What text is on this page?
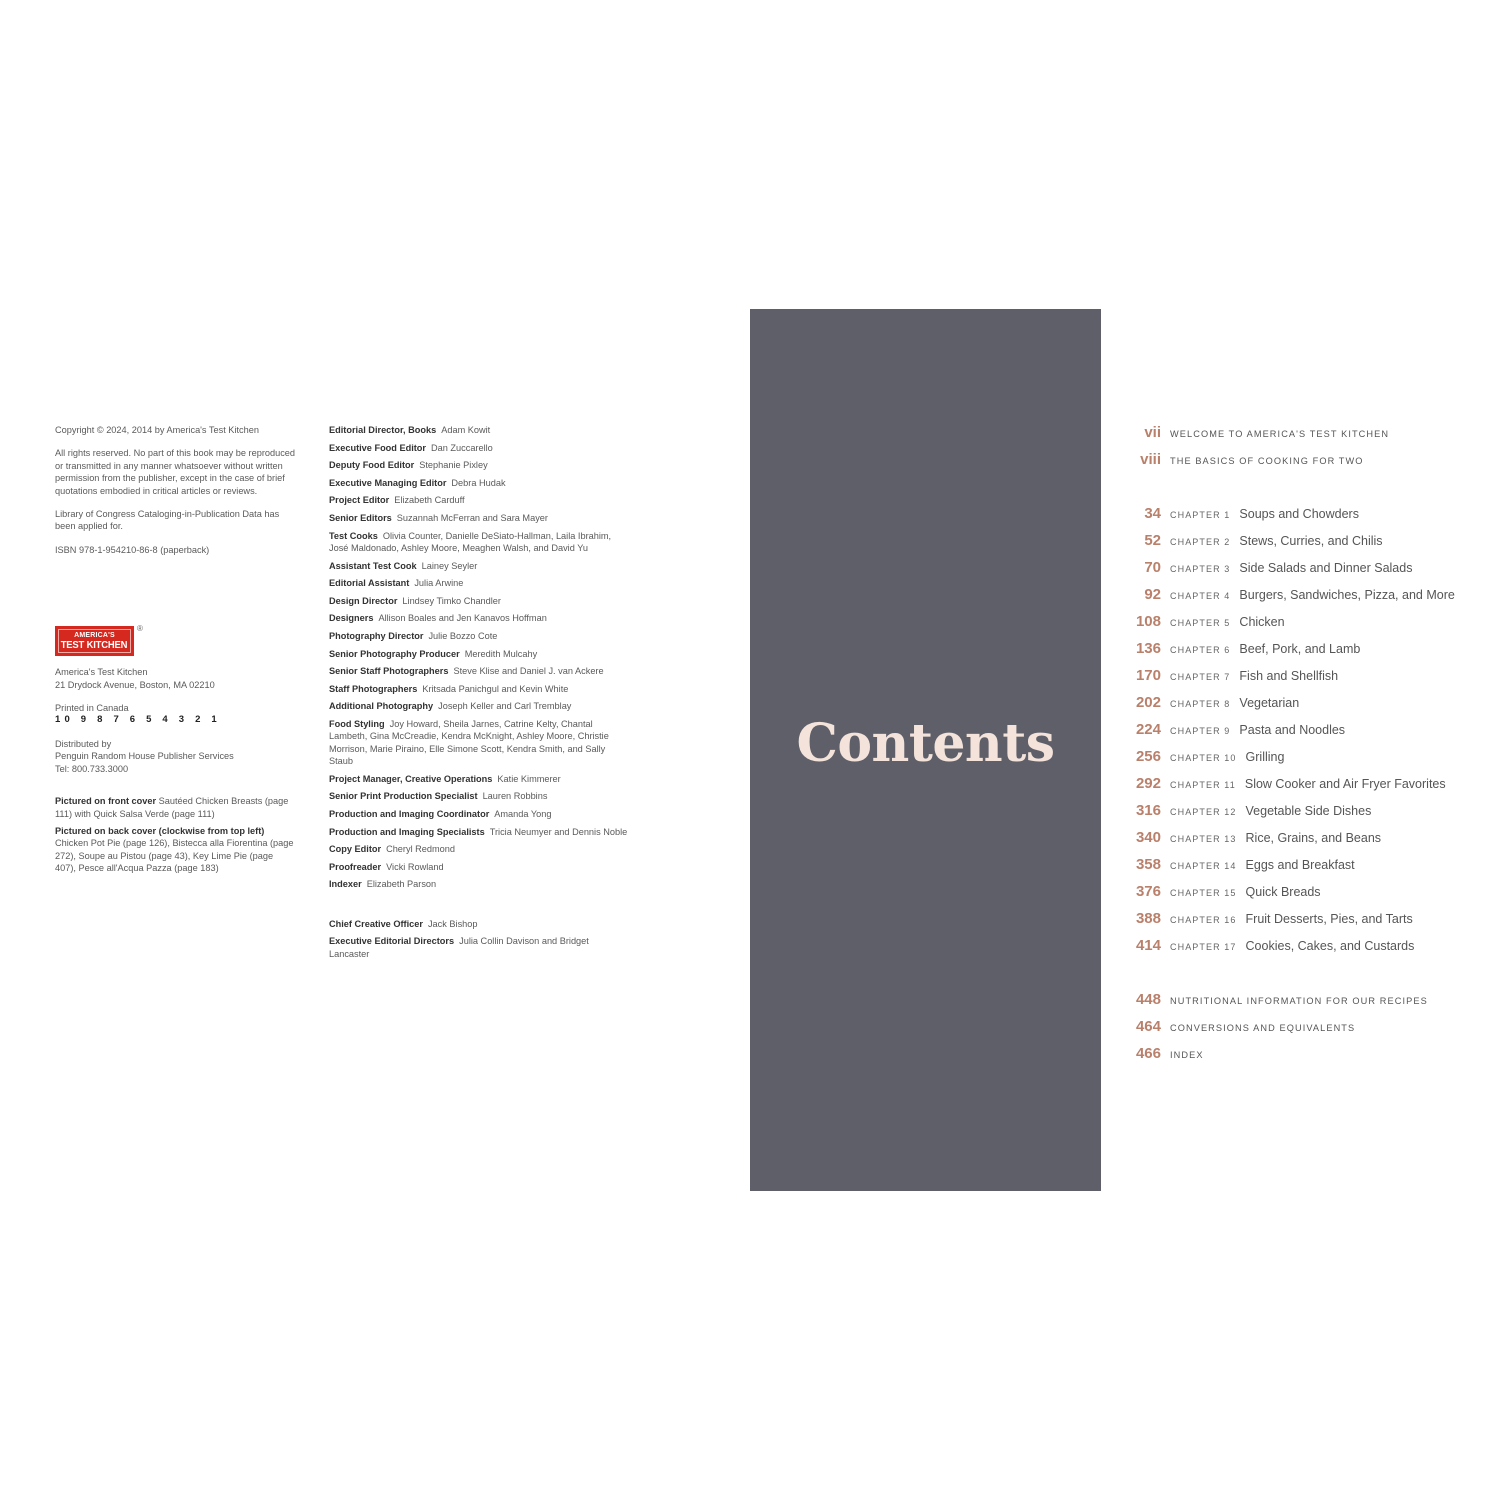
Copyright © 2024, 2014 by America's Test Kitchen

All rights reserved. No part of this book may be reproduced or transmitted in any manner whatsoever without written permission from the publisher, except in the case of brief quotations embodied in critical articles or reviews.

Library of Congress Cataloging-in-Publication Data has been applied for.

ISBN 978-1-954210-86-8 (paperback)

AMERICA'S
TEST KITCHEN
®

America's Test Kitchen

21 Drydock Avenue, Boston, MA 02210

Printed in Canada

10 9 8 7 6 5 4 3 2 1

Distributed by

Penguin Random House Publisher Services

Tel: 800.733.3000

Pictured on front cover Sautéed Chicken Breasts (page 111) with Quick Salsa Verde (page 111)

Pictured on back cover (clockwise from top left)
Chicken Pot Pie (page 126), Bistecca alla Fiorentina (page 272), Soupe au Pistou (page 43), Key Lime Pie (page 407), Pesce all'Acqua Pazza (page 183)

Editorial Director, Books Adam Kowit
Executive Food Editor Dan Zuccarello
Deputy Food Editor Stephanie Pixley
Executive Managing Editor Debra Hudak
Project Editor Elizabeth Carduff
Senior Editors Suzannah McFerran and Sara Mayer
Test Cooks Olivia Counter, Danielle DeSiato-Hallman, Laila Ibrahim, José Maldonado, Ashley Moore, Meaghen Walsh, and David Yu
Assistant Test Cook Lainey Seyler
Editorial Assistant Julia Arwine
Design Director Lindsey Timko Chandler
Designers Allison Boales and Jen Kanavos Hoffman
Photography Director Julie Bozzo Cote
Senior Photography Producer Meredith Mulcahy
Senior Staff Photographers Steve Klise and Daniel J. van Ackere
Staff Photographers Kritsada Panichgul and Kevin White
Additional Photography Joseph Keller and Carl Tremblay
Food Styling Joy Howard, Sheila Jarnes, Catrine Kelty, Chantal Lambeth, Gina McCreadie, Kendra McKnight, Ashley Moore, Christie Morrison, Marie Piraino, Elle Simone Scott, Kendra Smith, and Sally Staub
Project Manager, Creative Operations Katie Kimmerer
Senior Print Production Specialist Lauren Robbins
Production and Imaging Coordinator Amanda Yong
Production and Imaging Specialists Tricia Neumyer and Dennis Noble
Copy Editor Cheryl Redmond
Proofreader Vicki Rowland
Indexer Elizabeth Parson
Chief Creative Officer Jack Bishop
Executive Editorial Directors Julia Collin Davison and Bridget Lancaster
Contents
vii WELCOME TO AMERICA'S TEST KITCHEN
viii THE BASICS OF COOKING FOR TWO
34 CHAPTER 1 Soups and Chowders
52 CHAPTER 2 Stews, Curries, and Chilis
70 CHAPTER 3 Side Salads and Dinner Salads
92 CHAPTER 4 Burgers, Sandwiches, Pizza, and More
108 CHAPTER 5 Chicken
136 CHAPTER 6 Beef, Pork, and Lamb
170 CHAPTER 7 Fish and Shellfish
202 CHAPTER 8 Vegetarian
224 CHAPTER 9 Pasta and Noodles
256 CHAPTER 10 Grilling
292 CHAPTER 11 Slow Cooker and Air Fryer Favorites
316 CHAPTER 12 Vegetable Side Dishes
340 CHAPTER 13 Rice, Grains, and Beans
358 CHAPTER 14 Eggs and Breakfast
376 CHAPTER 15 Quick Breads
388 CHAPTER 16 Fruit Desserts, Pies, and Tarts
414 CHAPTER 17 Cookies, Cakes, and Custards
448 NUTRITIONAL INFORMATION FOR OUR RECIPES
464 CONVERSIONS AND EQUIVALENTS
466 INDEX
